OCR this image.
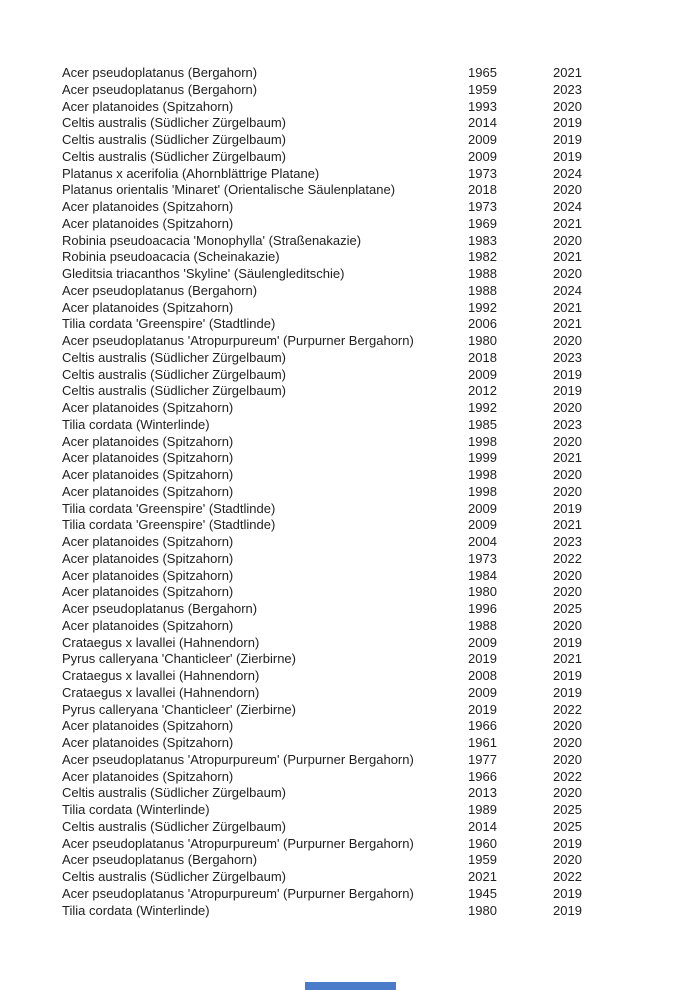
Acer pseudoplatanus (Bergahorn)	1965	2021
Acer pseudoplatanus (Bergahorn)	1959	2023
Acer platanoides (Spitzahorn)	1993	2020
Celtis australis (Südlicher Zürgelbaum)	2014	2019
Celtis australis (Südlicher Zürgelbaum)	2009	2019
Celtis australis (Südlicher Zürgelbaum)	2009	2019
Platanus x acerifolia (Ahornblättrige Platane)	1973	2024
Platanus orientalis 'Minaret' (Orientalische Säulenplatane)	2018	2020
Acer platanoides (Spitzahorn)	1973	2024
Acer platanoides (Spitzahorn)	1969	2021
Robinia pseudoacacia 'Monophylla' (Straßenakazie)	1983	2020
Robinia pseudoacacia (Scheinakazie)	1982	2021
Gleditsia triacanthos 'Skyline' (Säulengleditschie)	1988	2020
Acer pseudoplatanus (Bergahorn)	1988	2024
Acer platanoides (Spitzahorn)	1992	2021
Tilia cordata 'Greenspire' (Stadtlinde)	2006	2021
Acer pseudoplatanus 'Atropurpureum' (Purpurner Bergahorn)	1980	2020
Celtis australis (Südlicher Zürgelbaum)	2018	2023
Celtis australis (Südlicher Zürgelbaum)	2009	2019
Celtis australis (Südlicher Zürgelbaum)	2012	2019
Acer platanoides (Spitzahorn)	1992	2020
Tilia cordata (Winterlinde)	1985	2023
Acer platanoides (Spitzahorn)	1998	2020
Acer platanoides (Spitzahorn)	1999	2021
Acer platanoides (Spitzahorn)	1998	2020
Acer platanoides (Spitzahorn)	1998	2020
Tilia cordata 'Greenspire' (Stadtlinde)	2009	2019
Tilia cordata 'Greenspire' (Stadtlinde)	2009	2021
Acer platanoides (Spitzahorn)	2004	2023
Acer platanoides (Spitzahorn)	1973	2022
Acer platanoides (Spitzahorn)	1984	2020
Acer platanoides (Spitzahorn)	1980	2020
Acer pseudoplatanus (Bergahorn)	1996	2025
Acer platanoides (Spitzahorn)	1988	2020
Crataegus x lavallei (Hahnendorn)	2009	2019
Pyrus calleryana 'Chanticleer' (Zierbirne)	2019	2021
Crataegus x lavallei (Hahnendorn)	2008	2019
Crataegus x lavallei (Hahnendorn)	2009	2019
Pyrus calleryana 'Chanticleer' (Zierbirne)	2019	2022
Acer platanoides (Spitzahorn)	1966	2020
Acer platanoides (Spitzahorn)	1961	2020
Acer pseudoplatanus 'Atropurpureum' (Purpurner Bergahorn)	1977	2020
Acer platanoides (Spitzahorn)	1966	2022
Celtis australis (Südlicher Zürgelbaum)	2013	2020
Tilia cordata (Winterlinde)	1989	2025
Celtis australis (Südlicher Zürgelbaum)	2014	2025
Acer pseudoplatanus 'Atropurpureum' (Purpurner Bergahorn)	1960	2019
Acer pseudoplatanus (Bergahorn)	1959	2020
Celtis australis (Südlicher Zürgelbaum)	2021	2022
Acer pseudoplatanus 'Atropurpureum' (Purpurner Bergahorn)	1945	2019
Tilia cordata (Winterlinde)	1980	2019
